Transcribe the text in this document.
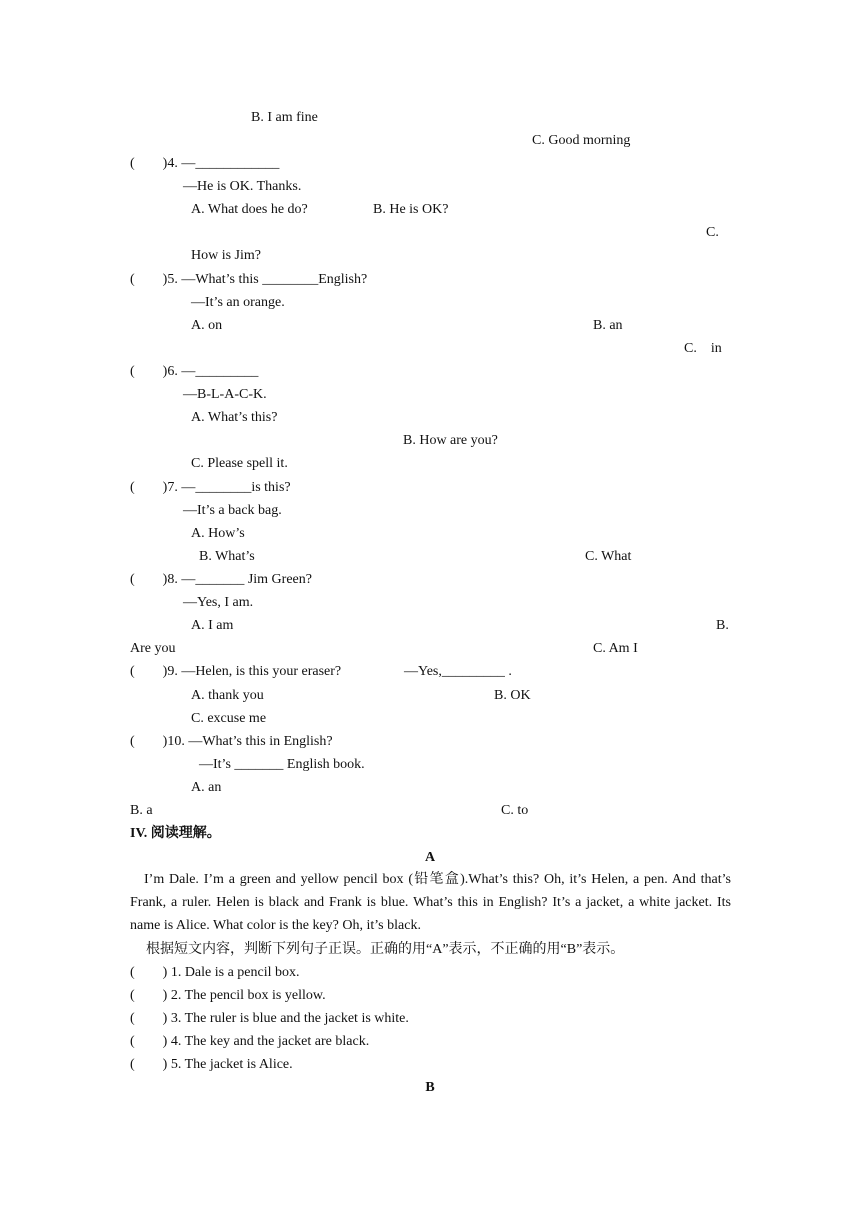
B. I am fine
C. Good morning
(        )4. —____________
—He is OK. Thanks.
A. What does he do?	B. He is OK?
C.
How is Jim?
(        )5. —What’s this ________English?
—It’s an orange.
A. on	B. an
C.    in
(        )6. —_________
—B-L-A-C-K.
A. What’s this?
B. How are you?
C. Please spell it.
(        )7. —________is this?
—It’s a back bag.
A. How’s
B. What’s	C. What
(        )8. —_______ Jim Green?
—Yes, I am.
A. I am	B.
Are you	C. Am I
(        )9. —Helen, is this your eraser?	—Yes,_________ .
A. thank you	B. OK
C. excuse me
(        )10. —What’s this in English?
—It’s _______ English book.
A. an
B. a	C. to
IV. 阅读理解。
A
I’m Dale. I’m a green and yellow pencil box (铅笔盒).What’s this? Oh, it’s Helen, a pen. And that’s Frank, a ruler. Helen is black and Frank is blue. What’s this in English? It’s a jacket, a white jacket. Its name is Alice. What color is the key? Oh, it’s black.
根据短文内容，判断下列句子正误。正确的用“A”表示，不正确的用“B”表示。
(        ) 1. Dale is a pencil box.
(        ) 2. The pencil box is yellow.
(        ) 3. The ruler is blue and the jacket is white.
(        ) 4. The key and the jacket are black.
(        ) 5. The jacket is Alice.
B
